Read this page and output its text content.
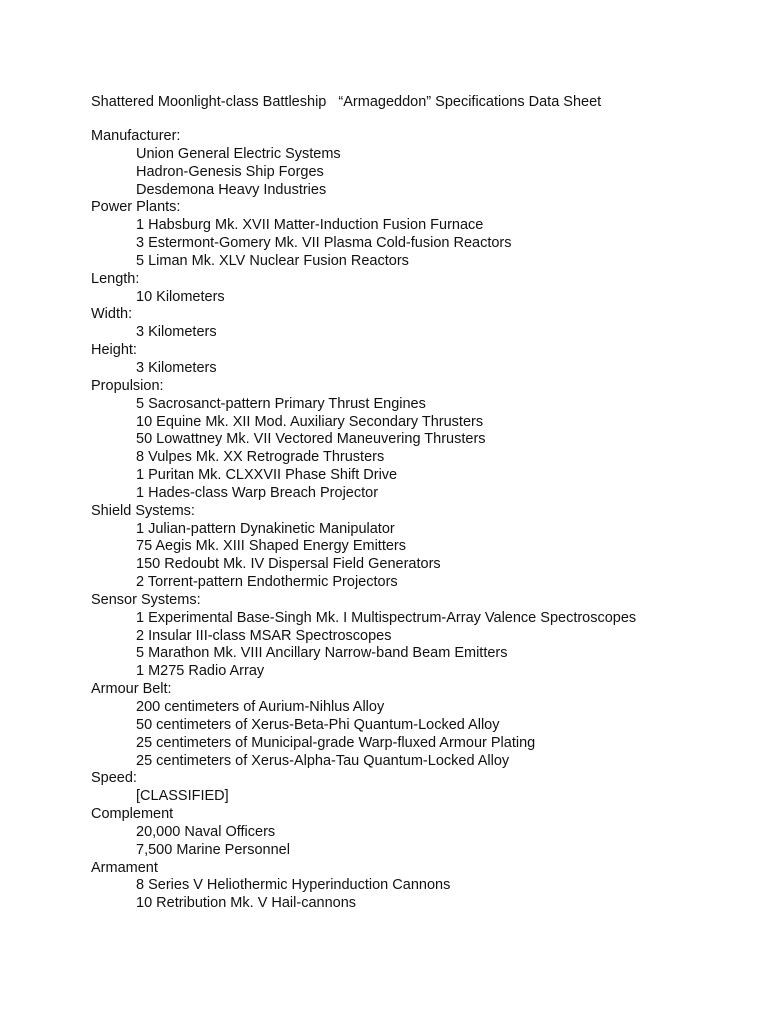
Shattered Moonlight-class Battleship   “Armageddon” Specifications Data Sheet
Manufacturer:
Union General Electric Systems
Hadron-Genesis Ship Forges
Desdemona Heavy Industries
Power Plants:
1 Habsburg Mk. XVII Matter-Induction Fusion Furnace
3 Estermont-Gomery Mk. VII Plasma Cold-fusion Reactors
5 Liman Mk. XLV Nuclear Fusion Reactors
Length:
10 Kilometers
Width:
3 Kilometers
Height:
3 Kilometers
Propulsion:
5 Sacrosanct-pattern Primary Thrust Engines
10 Equine Mk. XII Mod. Auxiliary Secondary Thrusters
50 Lowattney Mk. VII Vectored Maneuvering Thrusters
8 Vulpes Mk. XX Retrograde Thrusters
1 Puritan Mk. CLXXVII Phase Shift Drive
1 Hades-class Warp Breach Projector
Shield Systems:
1 Julian-pattern Dynakinetic Manipulator
75 Aegis Mk. XIII Shaped Energy Emitters
150 Redoubt Mk. IV Dispersal Field Generators
2 Torrent-pattern Endothermic Projectors
Sensor Systems:
1 Experimental Base-Singh Mk. I Multispectrum-Array Valence Spectroscopes
2 Insular III-class MSAR Spectroscopes
5 Marathon Mk. VIII Ancillary Narrow-band Beam Emitters
1 M275 Radio Array
Armour Belt:
200 centimeters of Aurium-Nihlus Alloy
50 centimeters of Xerus-Beta-Phi Quantum-Locked Alloy
25 centimeters of Municipal-grade Warp-fluxed Armour Plating
25 centimeters of Xerus-Alpha-Tau Quantum-Locked Alloy
Speed:
[CLASSIFIED]
Complement
20,000 Naval Officers
7,500 Marine Personnel
Armament
8 Series V Heliothermic Hyperinduction Cannons
10 Retribution Mk. V Hail-cannons
